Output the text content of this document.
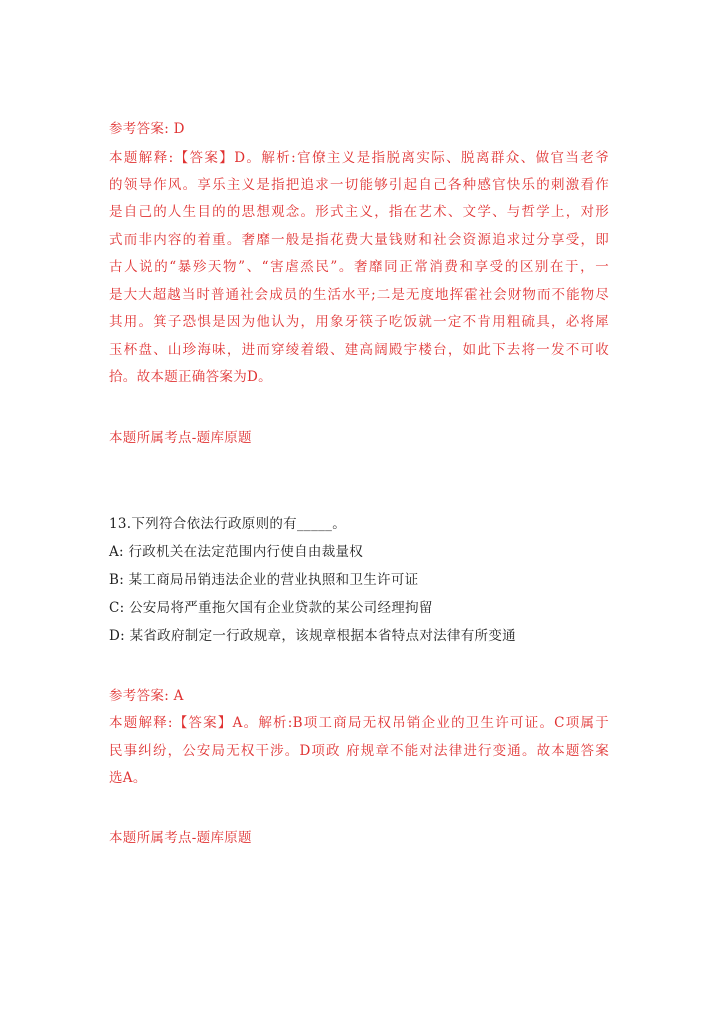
参考答案: D
本题解释:【答案】D。解析:官僚主义是指脱离实际、脱离群众、做官当老爷
的领导作风。享乐主义是指把追求一切能够引起自己各种感官快乐的刺激看作
是自己的人生目的的思想观念。形式主义，指在艺术、文学、与哲学上，对形
式而非内容的着重。奢靡一般是指花费大量钱财和社会资源追求过分享受，即
古人说的“暴殄天物”、“害虐烝民”。奢靡同正常消费和享受的区别在于，一
是大大超越当时普通社会成员的生活水平;二是无度地挥霍社会财物而不能物尽
其用。箕子恐惧是因为他认为，用象牙筷子吃饭就一定不肯用粗硫具，必将犀
玉杯盘、山珍海味，进而穿绫着缎、建高阔殿宇楼台，如此下去将一发不可收
拾。故本题正确答案为D。
本题所属考点-题库原题
13.下列符合依法行政原则的有_____。
A: 行政机关在法定范围内行使自由裁量权
B: 某工商局吊销违法企业的营业执照和卫生许可证
C: 公安局将严重拖欠国有企业贷款的某公司经理拘留
D: 某省政府制定一行政规章，该规章根据本省特点对法律有所变通
参考答案: A
本题解释:【答案】A。解析:B项工商局无权吊销企业的卫生许可证。C项属于
民事纠纷，公安局无权干涉。D项政 府规章不能对法律进行变通。故本题答案
选A。
本题所属考点-题库原题
